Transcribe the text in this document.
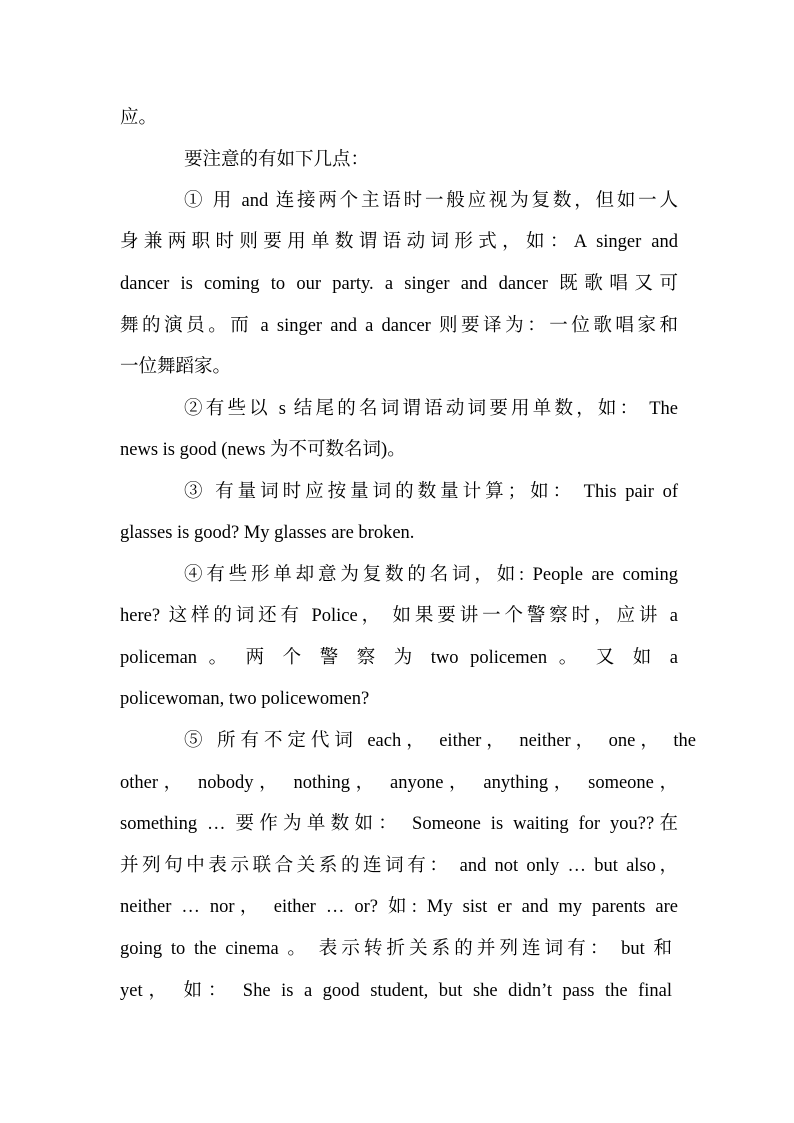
应。
要注意的有如下几点：
① 用 and 连接两个主语时一般应视为复数，但如一人
身兼两职时则要用单数谓语动词形式，如：A singer and
dancer is coming to our party. a singer and dancer 既歌唱又可
舞的演员。而 a singer and a dancer 则要译为：一位歌唱家和
一位舞蹈家。
②有些以 s 结尾的名词谓语动词要用单数，如： The
news is good (news 为不可数名词)。
③ 有量词时应按量词的数量计算；如： This pair of
glasses is good? My glasses are broken.
④有些形单却意为复数的名词，如: People are coming
here? 这样的词还有 Police， 如果要讲一个警察时，应讲 a
policeman 。 两 个 警 察 为 two policemen 。 又 如 a
policewoman, two policewomen?
⑤ 所有不定代词 each， either， neither， one， the
other， nobody， nothing， anyone， anything， someone，
something … 要作为单数如： Someone is waiting for you??在
并列句中表示联合关系的连词有： and not only … but also，
neither … nor， either … or? 如: My sist er and my parents are
going to the cinema 。 表示转折关系的并列连词有： but 和
yet， 如： She is a good student, but she didn’t pass the final
